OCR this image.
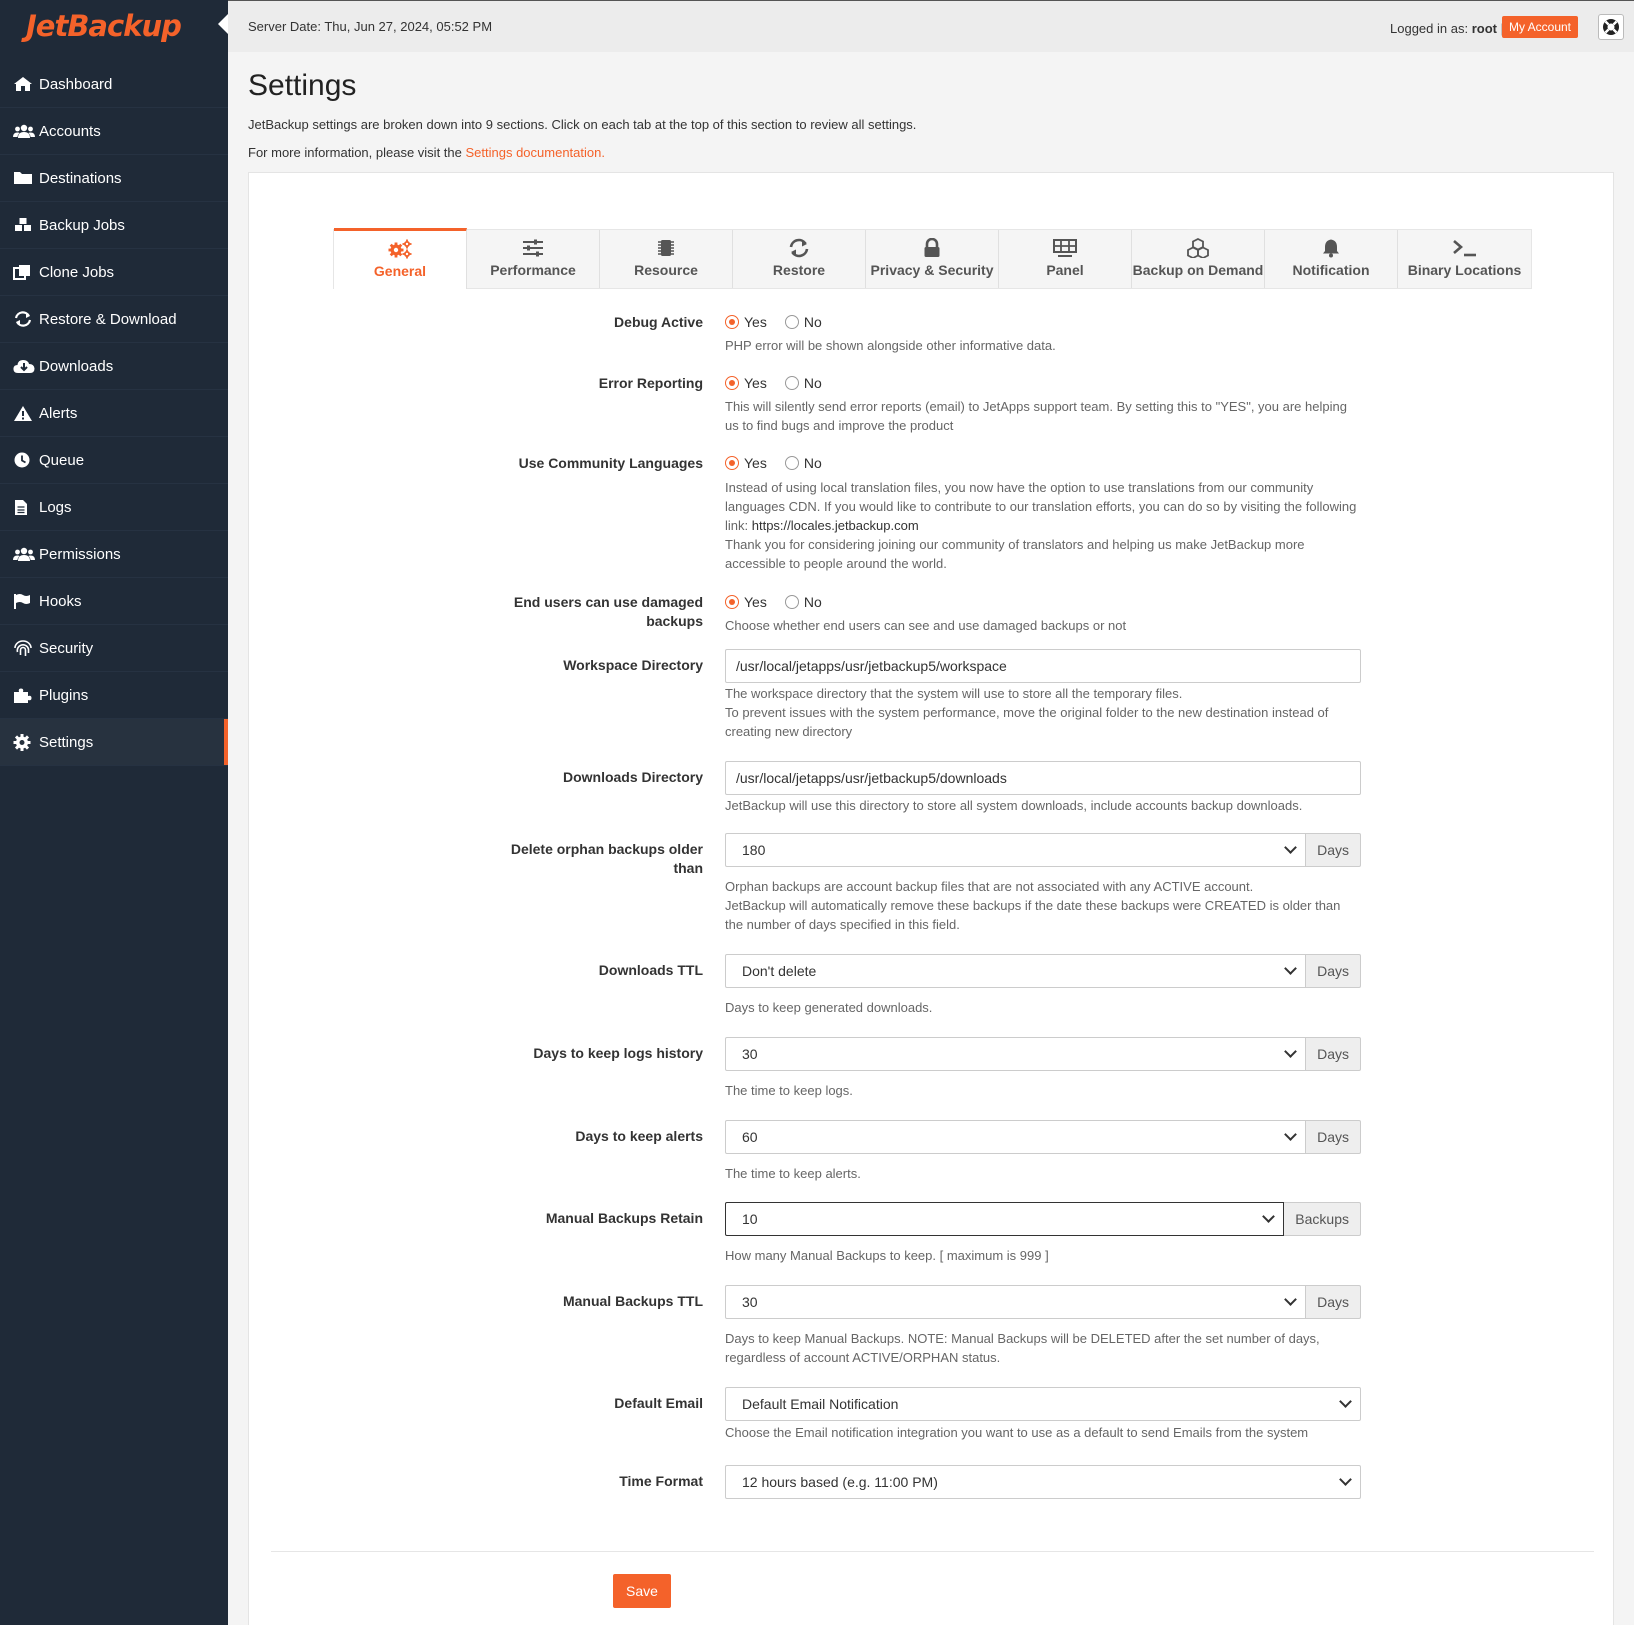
JetBackup
Dashboard
Accounts
Destinations
Backup Jobs
Clone Jobs
Restore & Download
Downloads
Alerts
Queue
Logs
Permissions
Hooks
Security
Plugins
Settings
Server Date: Thu, Jun 27, 2024, 05:52 PM	Logged in as: root My Account
Settings
JetBackup settings are broken down into 9 sections. Click on each tab at the top of this section to review all settings.
For more information, please visit the Settings documentation.
General	Performance	Resource	Restore	Privacy & Security	Panel	Backup on Demand Notification	Binary Locations
Debug Active	Yes	No
PHP error will be shown alongside other informative data.
Error Reporting	Yes	No
This will silently send error reports (email) to JetApps support team. By setting this to "YES", you are helping us to find bugs and improve the product
Use Community Languages	Yes	No
Instead of using local translation files, you now have the option to use translations from our community languages CDN. If you would like to contribute to our translation efforts, you can do so by visiting the following link: https://locales.jetbackup.com
Thank you for considering joining our community of translators and helping us make JetBackup more accessible to people around the world.
End users can use damaged backups
Yes	No
Choose whether end users can see and use damaged backups or not
Workspace Directory	/usr/local/jetapps/usr/jetbackup5/workspace
The workspace directory that the system will use to store all the temporary files.
To prevent issues with the system performance, move the original folder to the new destination instead of creating new directory
Downloads Directory	/usr/local/jetapps/usr/jetbackup5/downloads
JetBackup will use this directory to store all system downloads, include accounts backup downloads.
Delete orphan backups older than
180	Days
Orphan backups are account backup files that are not associated with any ACTIVE account.
JetBackup will automatically remove these backups if the date these backups were CREATED is older than the number of days specified in this field.
Downloads TTL	Don't delete	Days
Days to keep generated downloads.
Days to keep logs history	30	Days
The time to keep logs.
Days to keep alerts	60	Days
The time to keep alerts.
Manual Backups Retain	10	Backups
How many Manual Backups to keep. [ maximum is 999 ]
Manual Backups TTL	30	Days
Days to keep Manual Backups. NOTE: Manual Backups will be DELETED after the set number of days, regardless of account ACTIVE/ORPHAN status.
Default Email	Default Email Notification
Choose the Email notification integration you want to use as a default to send Emails from the system
Time Format	12 hours based (e.g. 11:00 PM)
Save
